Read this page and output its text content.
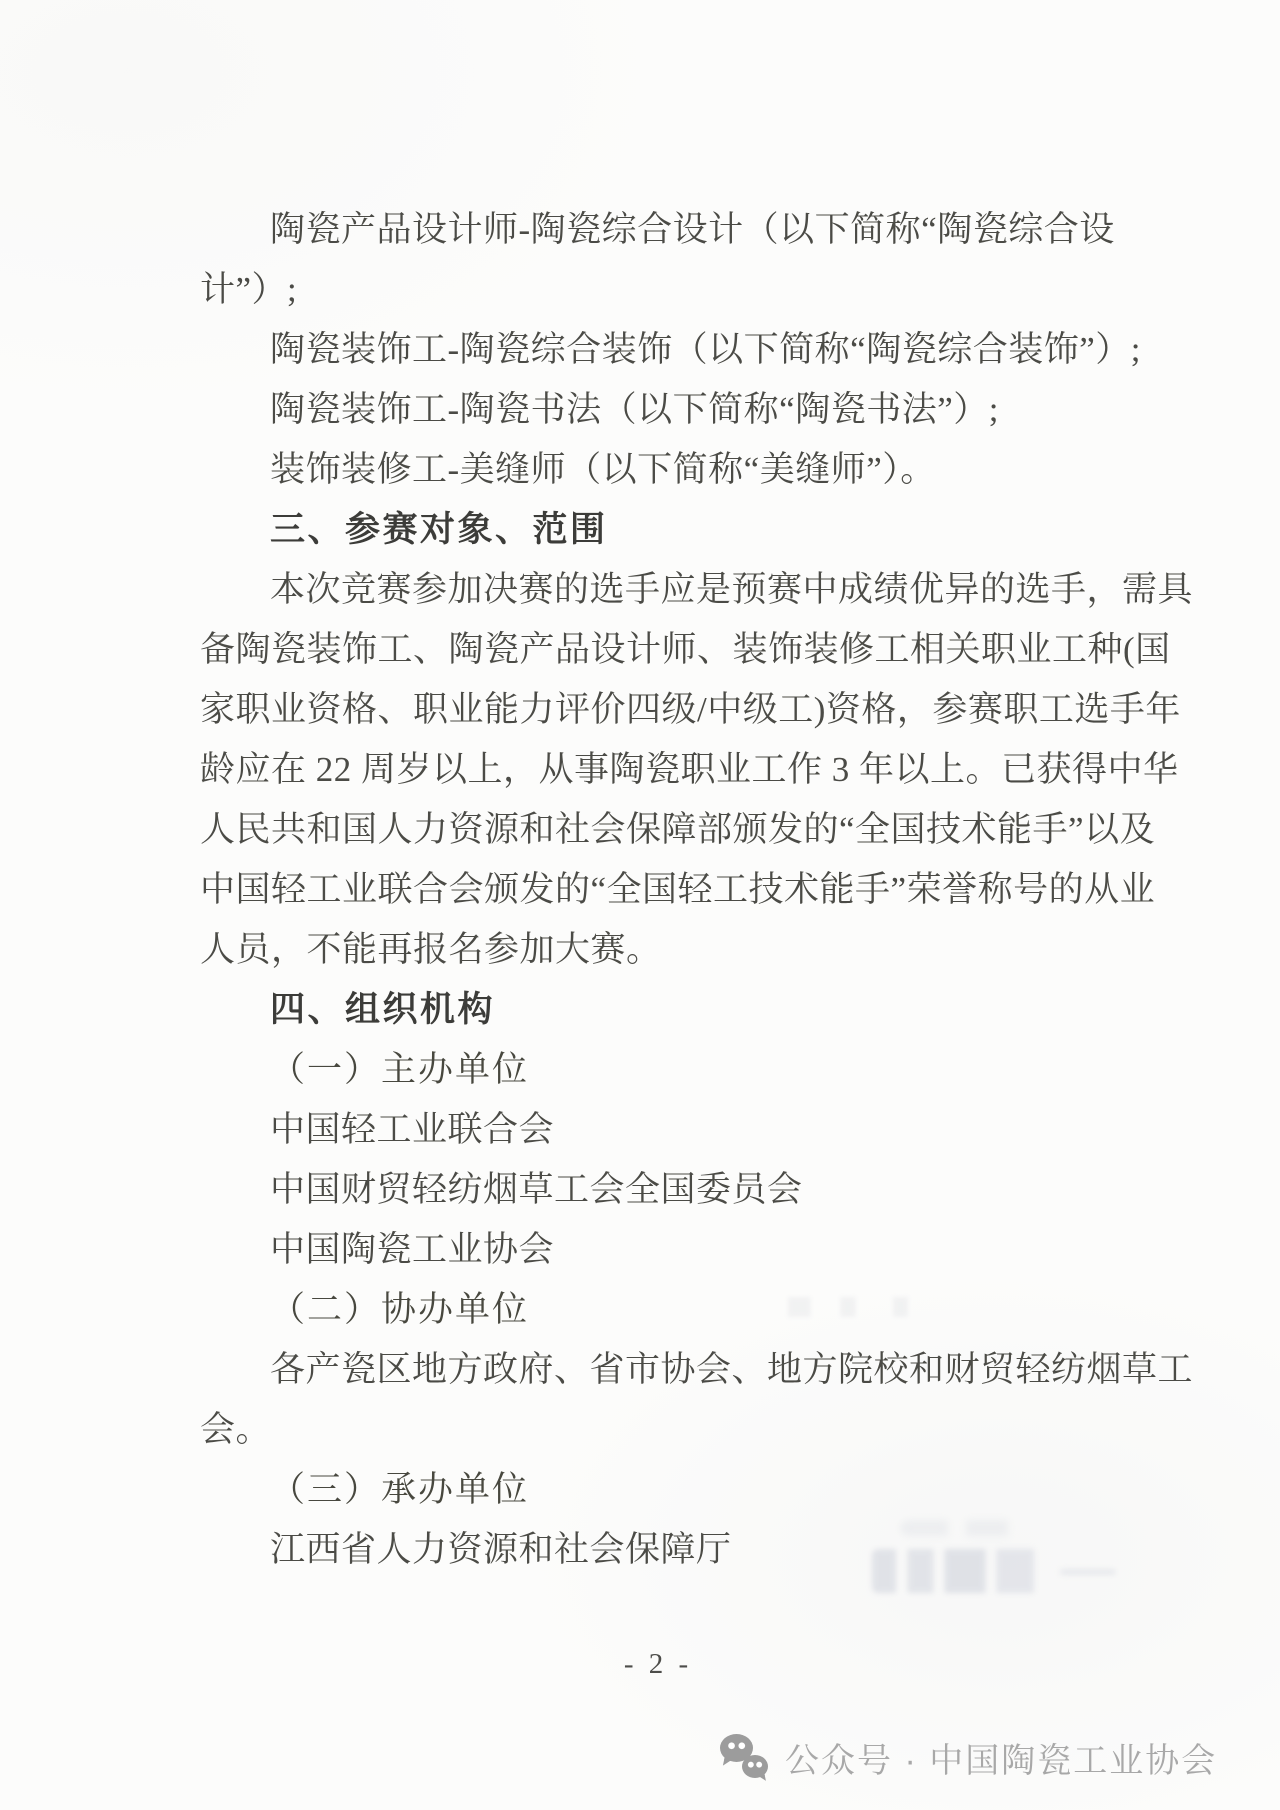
陶瓷产品设计师-陶瓷综合设计（以下简称“陶瓷综合设

计”）;

陶瓷装饰工-陶瓷综合装饰（以下简称“陶瓷综合装饰”）;

陶瓷装饰工-陶瓷书法（以下简称“陶瓷书法”）;

装饰装修工-美缝师（以下简称“美缝师”）。

三、参赛对象、范围

本次竞赛参加决赛的选手应是预赛中成绩优异的选手，需具

备陶瓷装饰工、陶瓷产品设计师、装饰装修工相关职业工种(国

家职业资格、职业能力评价四级/中级工)资格，参赛职工选手年

龄应在 22 周岁以上，从事陶瓷职业工作 3 年以上。已获得中华

人民共和国人力资源和社会保障部颁发的“全国技术能手”以及

中国轻工业联合会颁发的“全国轻工技术能手”荣誉称号的从业

人员，不能再报名参加大赛。

四、组织机构

（一）主办单位

中国轻工业联合会

中国财贸轻纺烟草工会全国委员会

中国陶瓷工业协会

（二）协办单位

各产瓷区地方政府、省市协会、地方院校和财贸轻纺烟草工

会。

（三）承办单位

江西省人力资源和社会保障厅

- 2 -
公众号 · 中国陶瓷工业协会
